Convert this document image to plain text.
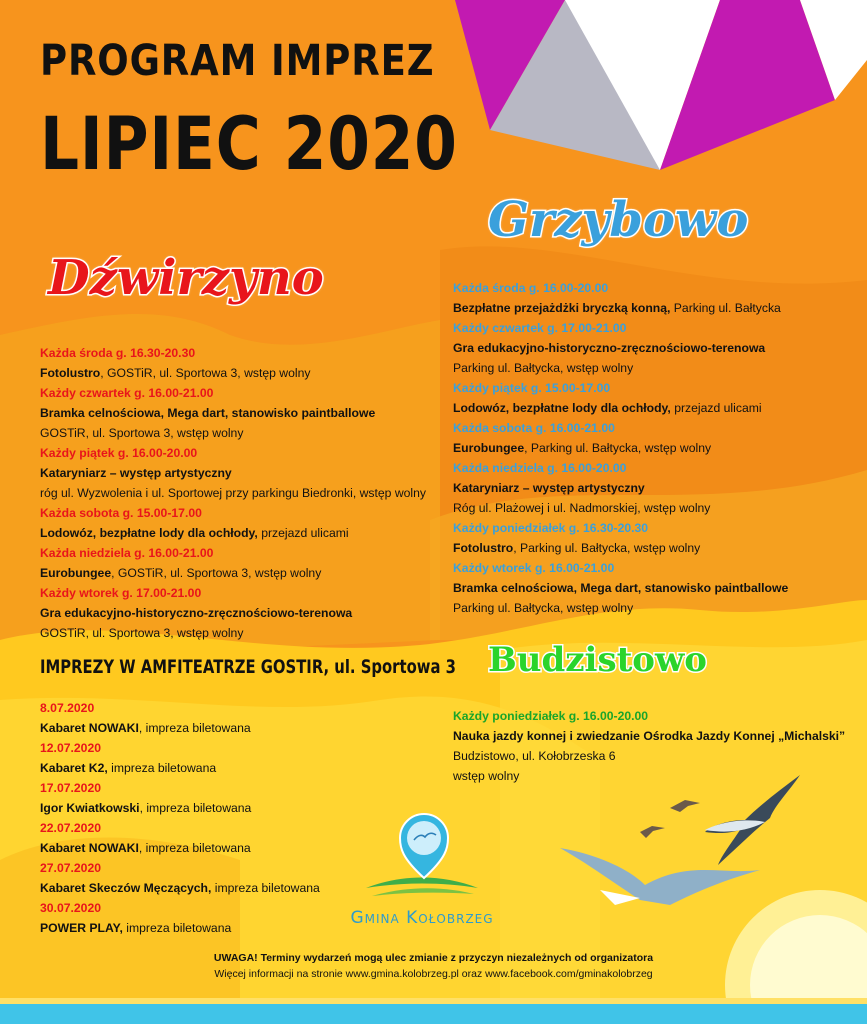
PROGRAM IMPREZ
LIPIEC 2020
Dźwirzyno
Każda środa g. 16.30-20.30
Fotolustro, GOSTiR, ul. Sportowa 3, wstęp wolny
Każdy czwartek g. 16.00-21.00
Bramka celnościowa, Mega dart, stanowisko paintballowe
GOSTiR, ul. Sportowa 3, wstęp wolny
Każdy piątek g. 16.00-20.00
Kataryniarz – występ artystyczny
róg ul. Wyzwolenia i ul. Sportowej przy parkingu Biedronki, wstęp wolny
Każda sobota g. 15.00-17.00
Lodowóz, bezpłatne lody dla ochłody, przejazd ulicami
Każda niedziela g. 16.00-21.00
Eurobungee, GOSTiR, ul. Sportowa 3, wstęp wolny
Każdy wtorek g. 17.00-21.00
Gra edukacyjno-historyczno-zręcznościowo-terenowa
GOSTiR, ul. Sportowa 3, wstęp wolny
IMPREZY W AMFITEATRZE GOSTIR, ul. Sportowa 3
8.07.2020
Kabaret NOWAKI, impreza biletowana
12.07.2020
Kabaret K2, impreza biletowana
17.07.2020
Igor Kwiatkowski, impreza biletowana
22.07.2020
Kabaret NOWAKI, impreza biletowana
27.07.2020
Kabaret Skeczów Męczących, impreza biletowana
30.07.2020
POWER PLAY, impreza biletowana
Grzybowo
Każda środa g. 16.00-20.00
Bezpłatne przejażdżki bryczką konną, Parking ul. Bałtycka
Każdy czwartek g. 17.00-21.00
Gra edukacyjno-historyczno-zręcznościowo-terenowa
Parking ul. Bałtycka, wstęp wolny
Każdy piątek g. 15.00-17.00
Lodowóz, bezpłatne lody dla ochłody, przejazd ulicami
Każda sobota g. 16.00-21.00
Eurobungee, Parking ul. Bałtycka, wstęp wolny
Każda niedziela g. 16.00-20.00
Kataryniarz – występ artystyczny
Róg ul. Plażowej i ul. Nadmorskiej, wstęp wolny
Każdy poniedziałek g. 16.30-20.30
Fotolustro, Parking ul. Bałtycka, wstęp wolny
Każdy wtorek g. 16.00-21.00
Bramka celnościowa, Mega dart, stanowisko paintballowe
Parking ul. Bałtycka, wstęp wolny
Budzistowo
Każdy poniedziałek g. 16.00-20.00
Nauka jazdy konnej i zwiedzanie Ośrodka Jazdy Konnej „Michalski”
Budzistowo, ul. Kołobrzeska 6
wstęp wolny
Gmina Kołobrzeg
UWAGA! Terminy wydarzeń mogą ulec zmianie z przyczyn niezależnych od organizatora
Więcej informacji na stronie www.gmina.kolobrzeg.pl oraz www.facebook.com/gminakolobrzeg
